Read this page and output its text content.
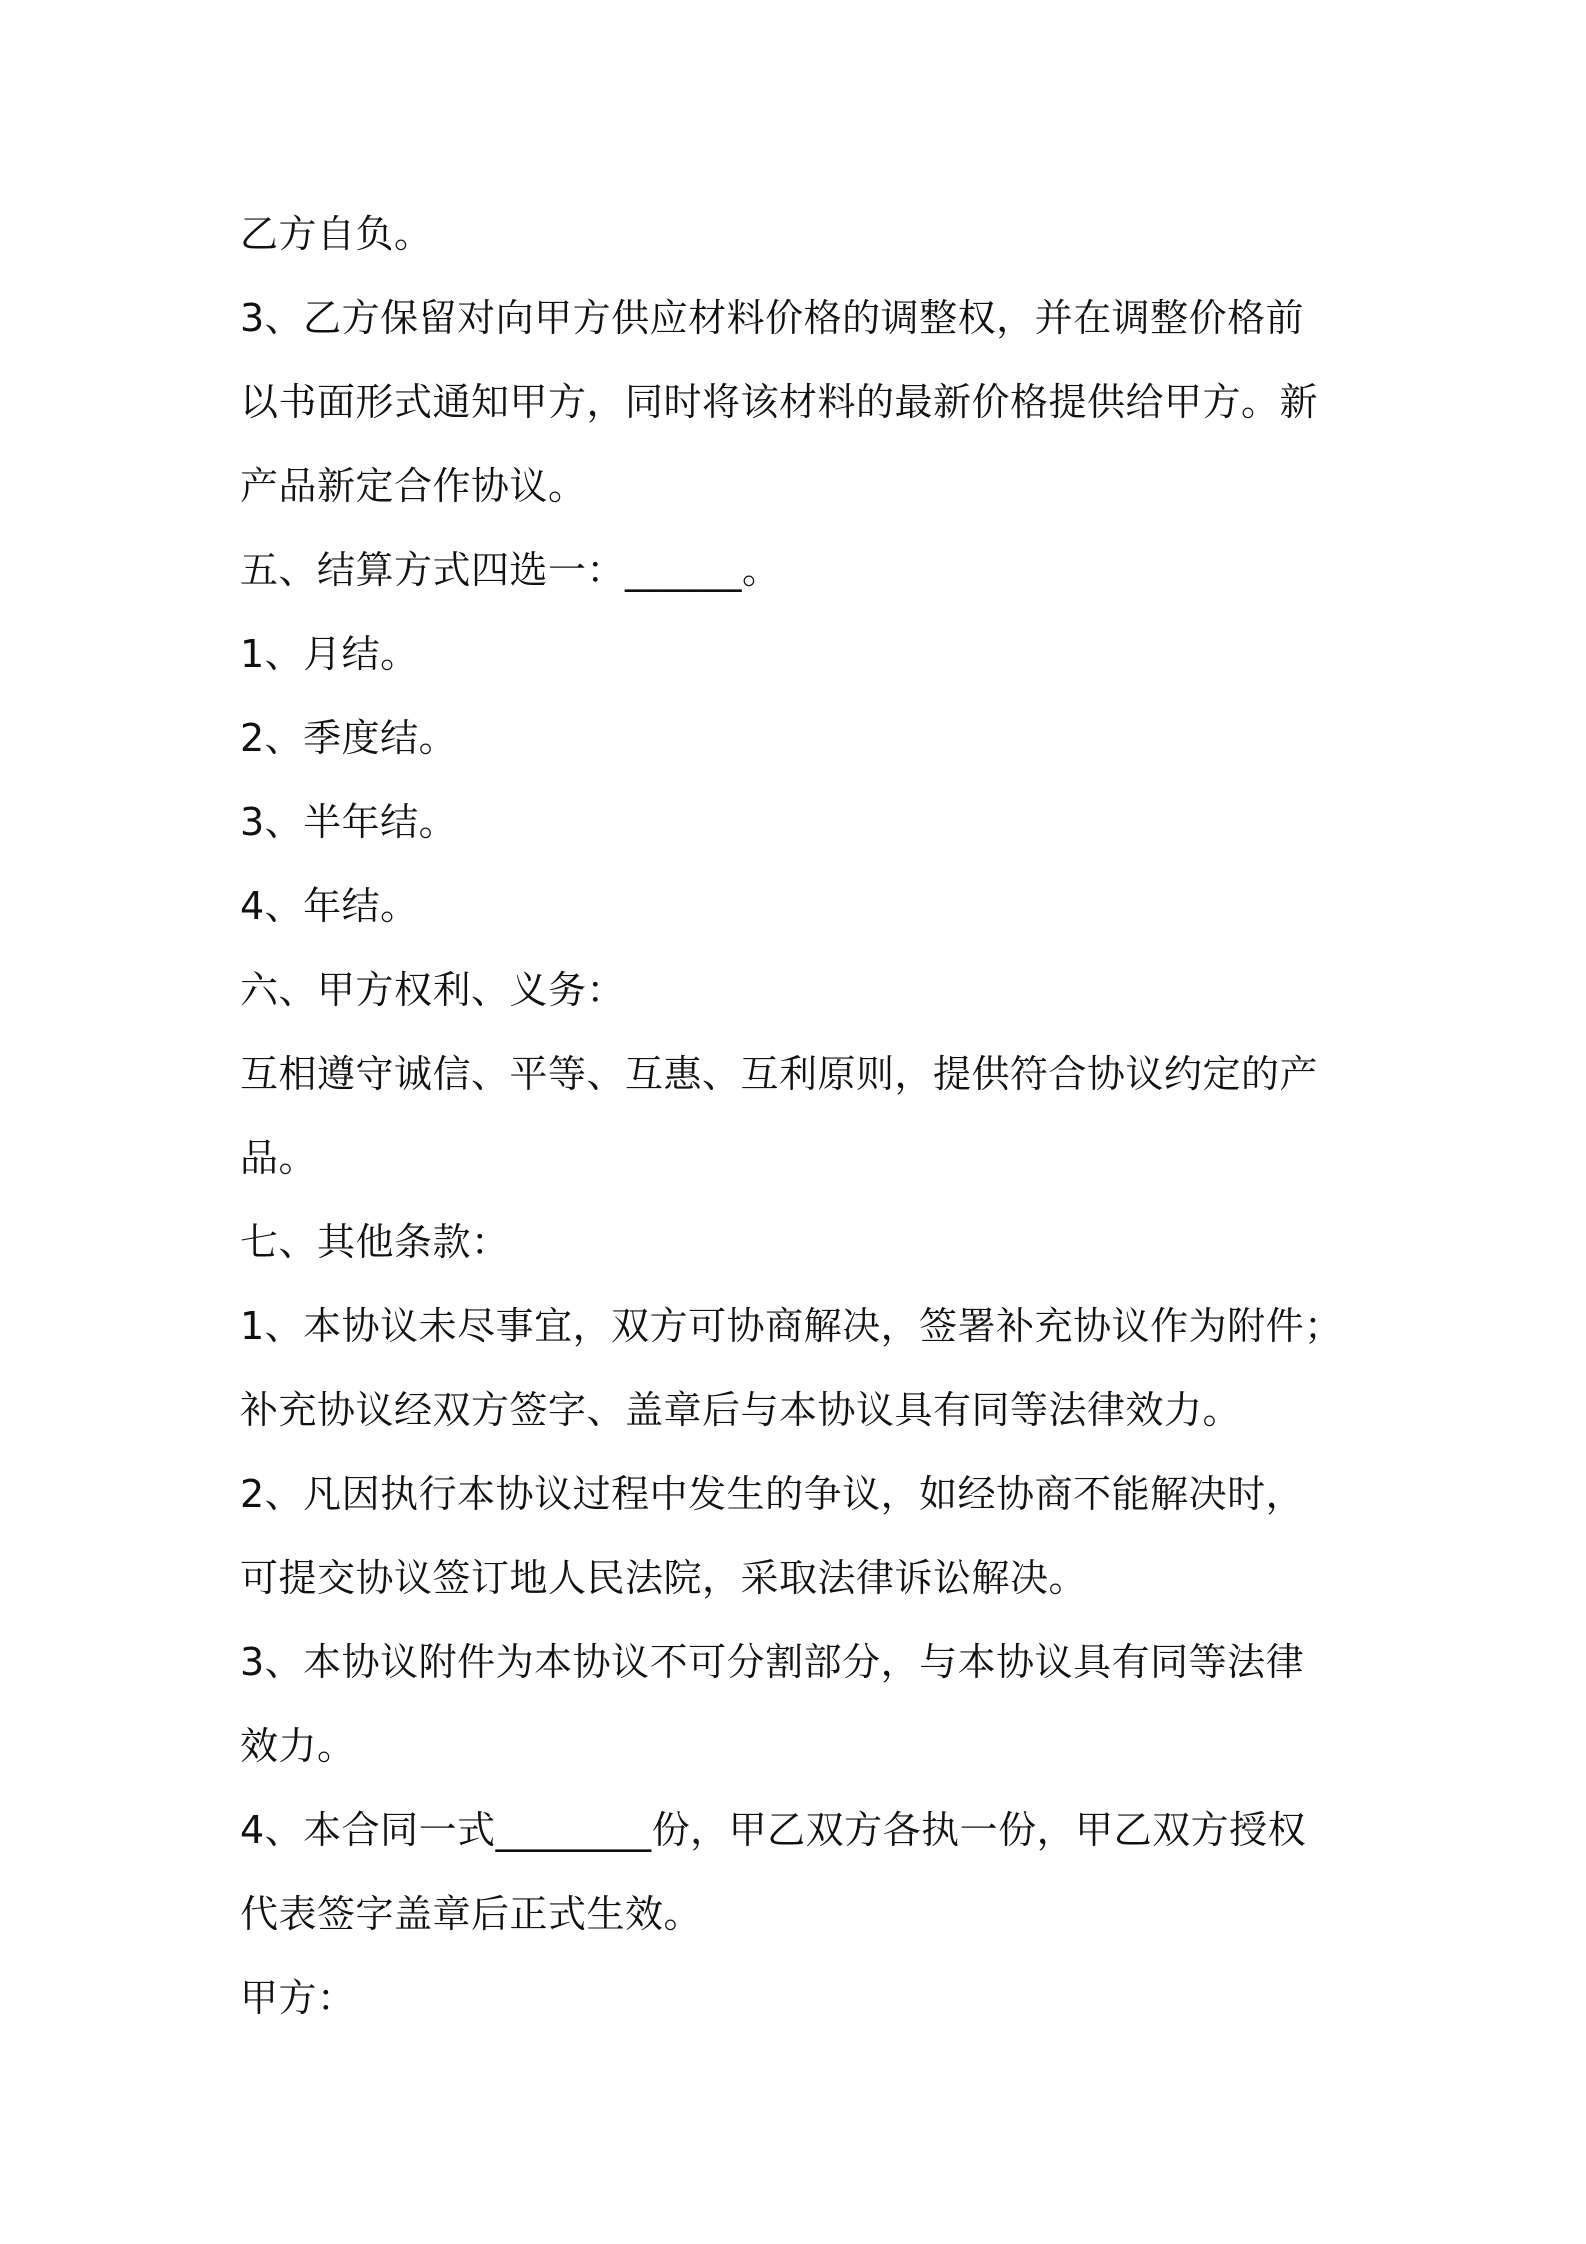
乙方自负。
3、乙方保留对向甲方供应材料价格的调整权，并在调整价格前
以书面形式通知甲方，同时将该材料的最新价格提供给甲方。新
产品新定合作协议。
五、结算方式四选一：______。
1、月结。
2、季度结。
3、半年结。
4、年结。
六、甲方权利、义务：
互相遵守诚信、平等、互惠、互利原则，提供符合协议约定的产
品。
七、其他条款：
1、本协议未尽事宜，双方可协商解决，签署补充协议作为附件；
补充协议经双方签字、盖章后与本协议具有同等法律效力。
2、凡因执行本协议过程中发生的争议，如经协商不能解决时，
可提交协议签订地人民法院，采取法律诉讼解决。
3、本协议附件为本协议不可分割部分，与本协议具有同等法律
效力。
4、本合同一式________份，甲乙双方各执一份，甲乙双方授权
代表签字盖章后正式生效。
甲方：
